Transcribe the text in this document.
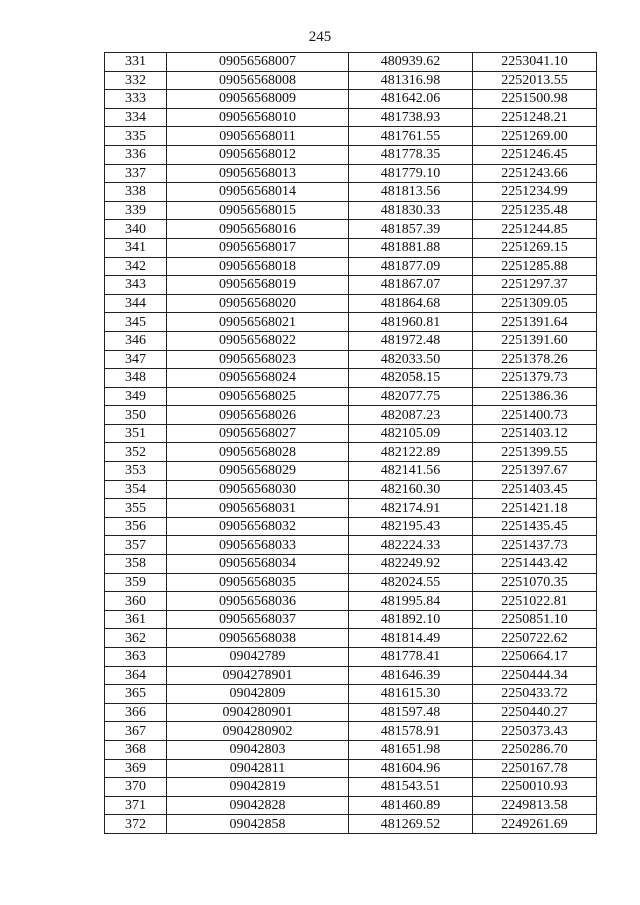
245
331	09056568007	480939.62	2253041.10
332	09056568008	481316.98	2252013.55
333	09056568009	481642.06	2251500.98
334	09056568010	481738.93	2251248.21
335	09056568011	481761.55	2251269.00
336	09056568012	481778.35	2251246.45
337	09056568013	481779.10	2251243.66
338	09056568014	481813.56	2251234.99
339	09056568015	481830.33	2251235.48
340	09056568016	481857.39	2251244.85
341	09056568017	481881.88	2251269.15
342	09056568018	481877.09	2251285.88
343	09056568019	481867.07	2251297.37
344	09056568020	481864.68	2251309.05
345	09056568021	481960.81	2251391.64
346	09056568022	481972.48	2251391.60
347	09056568023	482033.50	2251378.26
348	09056568024	482058.15	2251379.73
349	09056568025	482077.75	2251386.36
350	09056568026	482087.23	2251400.73
351	09056568027	482105.09	2251403.12
352	09056568028	482122.89	2251399.55
353	09056568029	482141.56	2251397.67
354	09056568030	482160.30	2251403.45
355	09056568031	482174.91	2251421.18
356	09056568032	482195.43	2251435.45
357	09056568033	482224.33	2251437.73
358	09056568034	482249.92	2251443.42
359	09056568035	482024.55	2251070.35
360	09056568036	481995.84	2251022.81
361	09056568037	481892.10	2250851.10
362	09056568038	481814.49	2250722.62
363	09042789	481778.41	2250664.17
364	0904278901	481646.39	2250444.34
365	09042809	481615.30	2250433.72
366	0904280901	481597.48	2250440.27
367	0904280902	481578.91	2250373.43
368	09042803	481651.98	2250286.70
369	09042811	481604.96	2250167.78
370	09042819	481543.51	2250010.93
371	09042828	481460.89	2249813.58
372	09042858	481269.52	2249261.69
